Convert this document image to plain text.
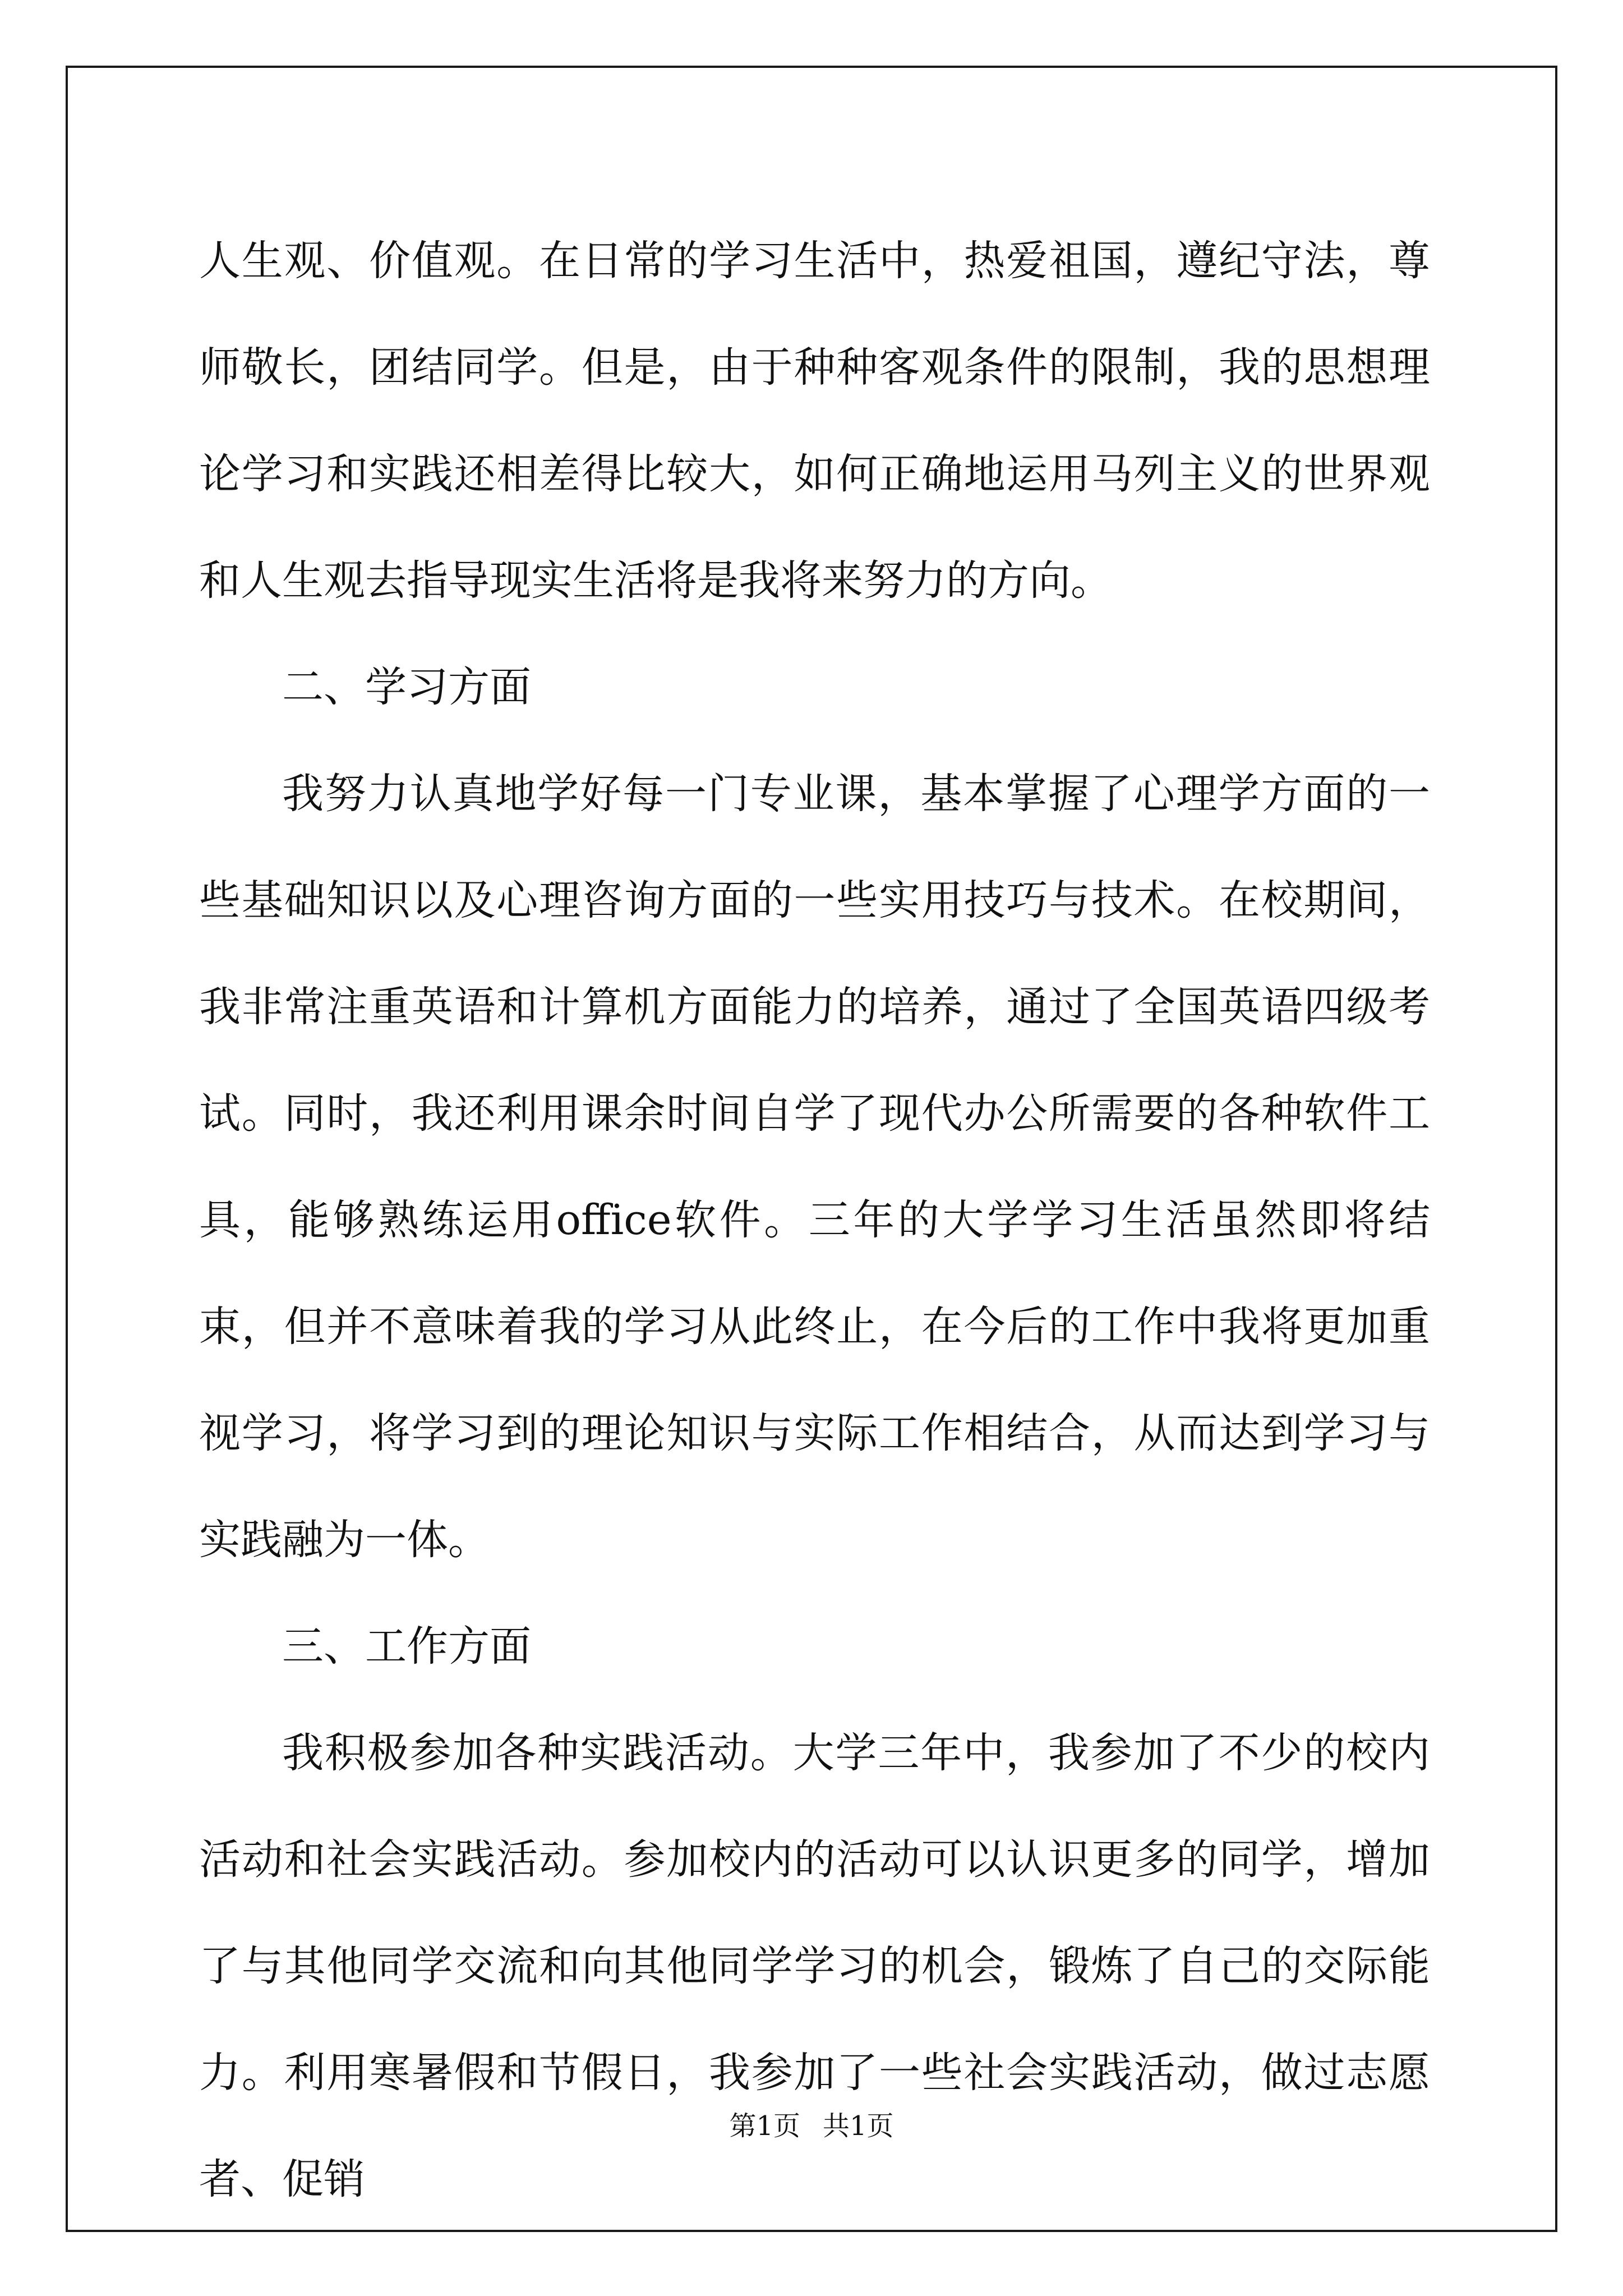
人生观、价值观。在日常的学习生活中，热爱祖国，遵纪守法，尊师敬长，团结同学。但是，由于种种客观条件的限制，我的思想理论学习和实践还相差得比较大，如何正确地运用马列主义的世界观和人生观去指导现实生活将是我将来努力的方向。

二、学习方面

我努力认真地学好每一门专业课，基本掌握了心理学方面的一些基础知识以及心理咨询方面的一些实用技巧与技术。在校期间，我非常注重英语和计算机方面能力的培养，通过了全国英语四级考试。同时，我还利用课余时间自学了现代办公所需要的各种软件工具，能够熟练运用office软件。三年的大学学习生活虽然即将结束，但并不意味着我的学习从此终止，在今后的工作中我将更加重视学习，将学习到的理论知识与实际工作相结合，从而达到学习与实践融为一体。

三、工作方面

我积极参加各种实践活动。大学三年中，我参加了不少的校内活动和社会实践活动。参加校内的活动可以认识更多的同学，增加了与其他同学交流和向其他同学学习的机会，锻炼了自己的交际能力。利用寒暑假和节假日，我参加了一些社会实践活动，做过志愿者、促销

第1页 共1页
